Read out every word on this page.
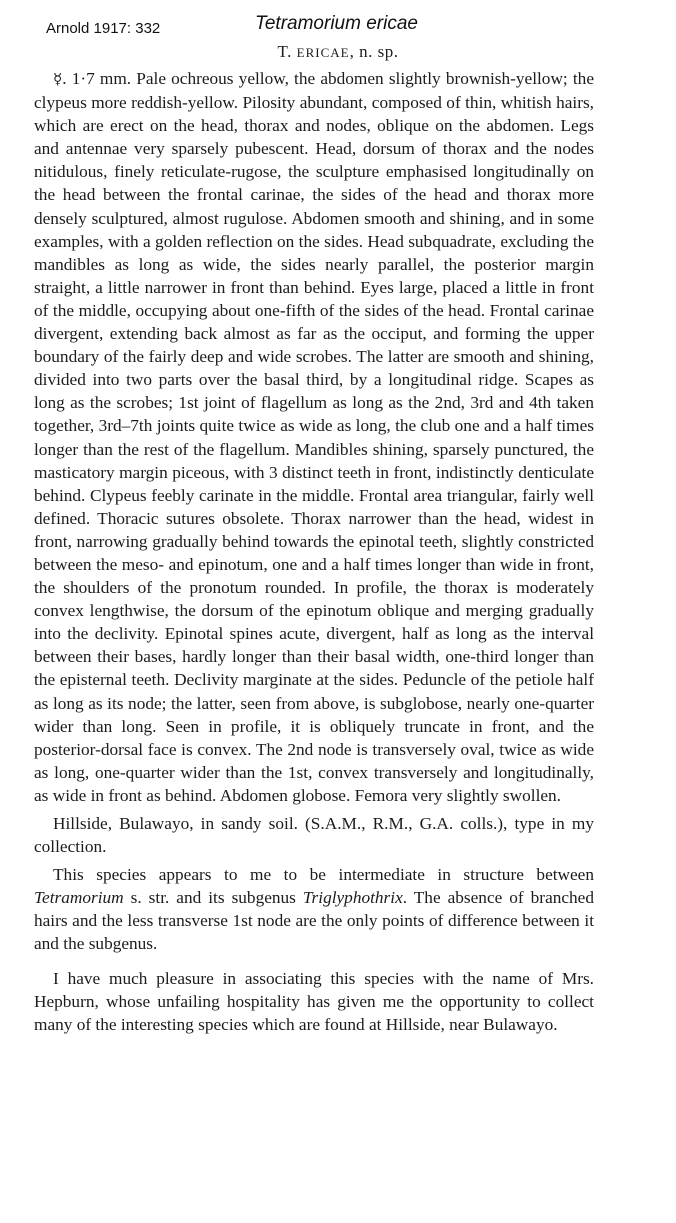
Arnold 1917: 332	Tetramorium ericae
T. ERICAE, n. sp.

☿. 1·7 mm. Pale ochreous yellow, the abdomen slightly brownish-yellow; the clypeus more reddish-yellow. Pilosity abundant, composed of thin, whitish hairs, which are erect on the head, thorax and nodes, oblique on the abdomen. Legs and antennae very sparsely pubescent. Head, dorsum of thorax and the nodes nitidulous, finely reticulate-rugose, the sculpture emphasised longitudinally on the head between the frontal carinae, the sides of the head and thorax more densely sculptured, almost rugulose. Abdomen smooth and shining, and in some examples, with a golden reflection on the sides. Head subquadrate, excluding the mandibles as long as wide, the sides nearly parallel, the posterior margin straight, a little narrower in front than behind. Eyes large, placed a little in front of the middle, occupying about one-fifth of the sides of the head. Frontal carinae divergent, extending back almost as far as the occiput, and forming the upper boundary of the fairly deep and wide scrobes. The latter are smooth and shining, divided into two parts over the basal third, by a longitudinal ridge. Scapes as long as the scrobes; 1st joint of flagellum as long as the 2nd, 3rd and 4th taken together, 3rd–7th joints quite twice as wide as long, the club one and a half times longer than the rest of the flagellum. Mandibles shining, sparsely punctured, the masticatory margin piceous, with 3 distinct teeth in front, indistinctly denticulate behind. Clypeus feebly carinate in the middle. Frontal area triangular, fairly well defined. Thoracic sutures obsolete. Thorax narrower than the head, widest in front, narrowing gradually behind towards the epinotal teeth, slightly constricted between the meso- and epinotum, one and a half times longer than wide in front, the shoulders of the pronotum rounded. In profile, the thorax is moderately convex lengthwise, the dorsum of the epinotum oblique and merging gradually into the declivity. Epinotal spines acute, divergent, half as long as the interval between their bases, hardly longer than their basal width, one-third longer than the episternal teeth. Declivity marginate at the sides. Peduncle of the petiole half as long as its node; the latter, seen from above, is subglobose, nearly one-quarter wider than long. Seen in profile, it is obliquely truncate in front, and the posterior-dorsal face is convex. The 2nd node is transversely oval, twice as wide as long, one-quarter wider than the 1st, convex transversely and longitudinally, as wide in front as behind. Abdomen globose. Femora very slightly swollen.

Hillside, Bulawayo, in sandy soil. (S.A.M., R.M., G.A. colls.), type in my collection.

This species appears to me to be intermediate in structure between Tetramorium s. str. and its subgenus Triglyphothrix. The absence of branched hairs and the less transverse 1st node are the only points of difference between it and the subgenus.

I have much pleasure in associating this species with the name of Mrs. Hepburn, whose unfailing hospitality has given me the opportunity to collect many of the interesting species which are found at Hillside, near Bulawayo.
